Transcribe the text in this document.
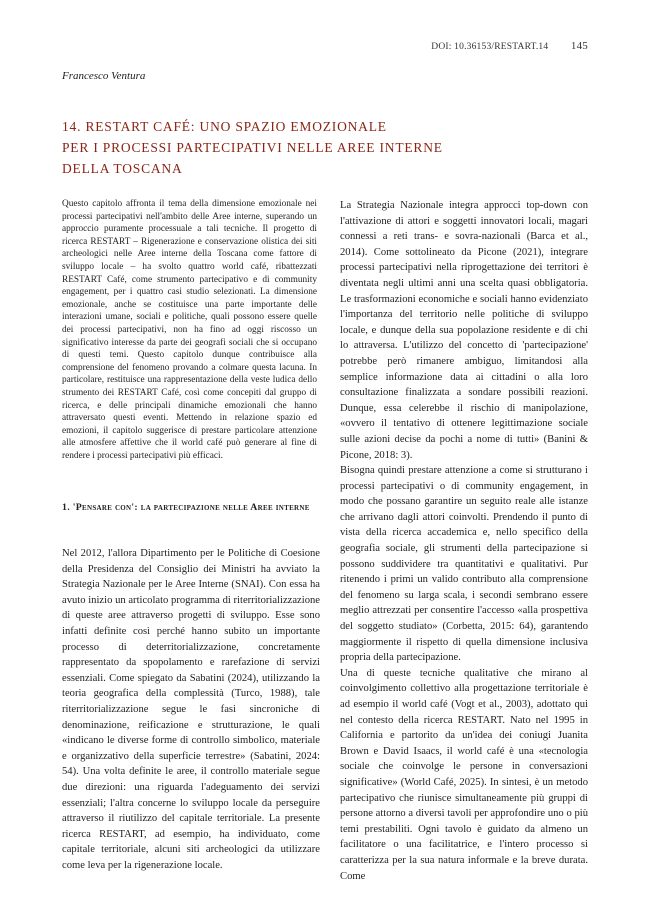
DOI: 10.36153/RESTART.14 145
Francesco Ventura
14. RESTART CAFÉ: UNO SPAZIO EMOZIONALE
PER I PROCESSI PARTECIPATIVI NELLE AREE INTERNE
DELLA TOSCANA

Questo capitolo affronta il tema della dimensione emozionale nei processi partecipativi nell'ambito delle Aree interne, superando un approccio puramente processuale a tali tecniche. Il progetto di ricerca RESTART – Rigenerazione e conservazione olistica dei siti archeologici nelle Aree interne della Toscana come fattore di sviluppo locale – ha svolto quattro world café, ribattezzati RESTART Café, come strumento partecipativo e di community engagement, per i quattro casi studio selezionati. La dimensione emozionale, anche se costituisce una parte importante delle interazioni umane, sociali e politiche, quali possono essere quelle dei processi partecipativi, non ha fino ad oggi riscosso un significativo interesse da parte dei geografi sociali che si occupano di questi temi. Questo capitolo dunque contribuisce alla comprensione del fenomeno provando a colmare questa lacuna. In particolare, restituisce una rappresentazione della veste ludica dello strumento dei RESTART Café, così come concepiti dal gruppo di ricerca, e delle principali dinamiche emozionali che hanno attraversato questi eventi. Mettendo in relazione spazio ed emozioni, il capitolo suggerisce di prestare particolare attenzione alle atmosfere affettive che il world café può generare al fine di rendere i processi partecipativi più efficaci.

1. 'Pensare con': la partecipazione nelle Aree interne

Nel 2012, l'allora Dipartimento per le Politiche di Coesione della Presidenza del Consiglio dei Ministri ha avviato la Strategia Nazionale per le Aree Interne (SNAI). Con essa ha avuto inizio un articolato programma di riterritorializzazione di queste aree attraverso progetti di sviluppo. Esse sono infatti definite così perché hanno subito un importante processo di deterritorializzazione, concretamente rappresentato da spopolamento e rarefazione di servizi essenziali. Come spiegato da Sabatini (2024), utilizzando la teoria geografica della complessità (Turco, 1988), tale riterritorializzazione segue le fasi sincroniche di denominazione, reificazione e strutturazione, le quali «indicano le diverse forme di controllo simbolico, materiale e organizzativo della superficie terrestre» (Sabatini, 2024: 54). Una volta definite le aree, il controllo materiale segue due direzioni: una riguarda l'adeguamento dei servizi essenziali; l'altra concerne lo sviluppo locale da perseguire attraverso il riutilizzo del capitale territoriale. La presente ricerca RESTART, ad esempio, ha individuato, come capitale territoriale, alcuni siti archeologici da utilizzare come leva per la rigenerazione locale.

La Strategia Nazionale integra approcci top-down con l'attivazione di attori e soggetti innovatori locali, magari connessi a reti trans- e sovra-nazionali (Barca et al., 2014). Come sottolineato da Picone (2021), integrare processi partecipativi nella riprogettazione dei territori è diventata negli ultimi anni una scelta quasi obbligatoria. Le trasformazioni economiche e sociali hanno evidenziato l'importanza del territorio nelle politiche di sviluppo locale, e dunque della sua popolazione residente e di chi lo attraversa. L'utilizzo del concetto di 'partecipazione' potrebbe però rimanere ambiguo, limitandosi alla semplice informazione data ai cittadini o alla loro consultazione finalizzata a sondare possibili reazioni. Dunque, essa celerebbe il rischio di manipolazione, «ovvero il tentativo di ottenere legittimazione sociale sulle azioni decise da pochi a nome di tutti» (Banini & Picone, 2018: 3).

Bisogna quindi prestare attenzione a come si strutturano i processi partecipativi o di community engagement, in modo che possano garantire un seguito reale alle istanze che arrivano dagli attori coinvolti. Prendendo il punto di vista della ricerca accademica e, nello specifico della geografia sociale, gli strumenti della partecipazione si possono suddividere tra quantitativi e qualitativi. Pur ritenendo i primi un valido contributo alla comprensione del fenomeno su larga scala, i secondi sembrano essere meglio attrezzati per consentire l'accesso «alla prospettiva del soggetto studiato» (Corbetta, 2015: 64), garantendo maggiormente il rispetto di quella dimensione inclusiva propria della partecipazione.

Una di queste tecniche qualitative che mirano al coinvolgimento collettivo alla progettazione territoriale è ad esempio il world café (Vogt et al., 2003), adottato qui nel contesto della ricerca RESTART. Nato nel 1995 in California e partorito da un'idea dei coniugi Juanita Brown e David Isaacs, il world café è una «tecnologia sociale che coinvolge le persone in conversazioni significative» (World Café, 2025). In sintesi, è un metodo partecipativo che riunisce simultaneamente più gruppi di persone attorno a diversi tavoli per approfondire uno o più temi prestabiliti. Ogni tavolo è guidato da almeno un facilitatore o una facilitatrice, e l'intero processo si caratterizza per la sua natura informale e la breve durata. Come
